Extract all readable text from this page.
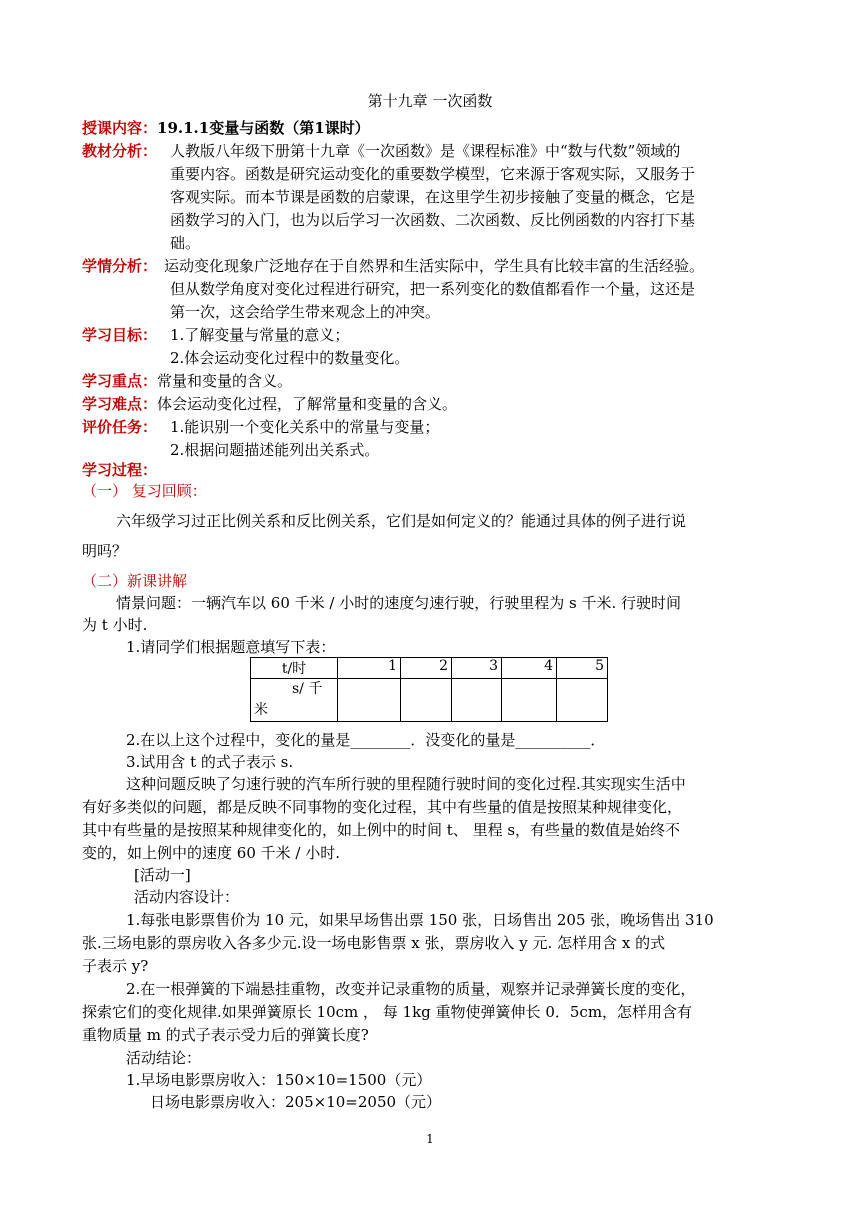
第十九章 一次函数
授课内容：19.1.1变量与函数（第1课时）
教材分析： 人教版八年级下册第十九章《一次函数》是《课程标准》中“数与代数”领域的
重要内容。函数是研究运动变化的重要数学模型，它来源于客观实际，又服务于
客观实际。而本节课是函数的启蒙课，在这里学生初步接触了变量的概念，它是
函数学习的入门，也为以后学习一次函数、二次函数、反比例函数的内容打下基
础。
学情分析： 运动变化现象广泛地存在于自然界和生活实际中，学生具有比较丰富的生活经验。
但从数学角度对变化过程进行研究，把一系列变化的数值都看作一个量，这还是
第一次，这会给学生带来观念上的冲突。
学习目标： 1.了解变量与常量的意义；
2.体会运动变化过程中的数量变化。
学习重点：常量和变量的含义。
学习难点：体会运动变化过程，了解常量和变量的含义。
评价任务： 1.能识别一个变化关系中的常量与变量；
2.根据问题描述能列出关系式。
学习过程：
（一） 复习回顾：
六年级学习过正比例关系和反比例关系，它们是如何定义的？能通过具体的例子进行说
明吗？
（二）新课讲解
情景问题：一辆汽车以 60 千米 / 小时的速度匀速行驶，行驶里程为 s 千米. 行驶时间
为 t 小时.
1.请同学们根据题意填写下表：
t/时	1	2	3	4	5

s/ 千
米					

2.在以上这个过程中，变化的量是________．没变化的量是__________．
3.试用含 t 的式子表示 s.
这种问题反映了匀速行驶的汽车所行驶的里程随行驶时间的变化过程.其实现实生活中
有好多类似的问题，都是反映不同事物的变化过程，其中有些量的值是按照某种规律变化，
其中有些量的是按照某种规律变化的，如上例中的时间 t、 里程 s，有些量的数值是始终不
变的，如上例中的速度 60 千米 / 小时.
[活动一]
活动内容设计：
1.每张电影票售价为 10 元，如果早场售出票 150 张，日场售出 205 张，晚场售出 310
张.三场电影的票房收入各多少元.设一场电影售票 x 张，票房收入 y 元. 怎样用含 x 的式
子表示 y?
2.在一根弹簧的下端悬挂重物，改变并记录重物的质量，观察并记录弹簧长度的变化，
探索它们的变化规律.如果弹簧原长 10cm ， 每 1kg 重物使弹簧伸长 0．5cm，怎样用含有
重物质量 m 的式子表示受力后的弹簧长度?
活动结论：
1.早场电影票房收入：150×10=1500（元）
日场电影票房收入：205×10=2050（元）
1
